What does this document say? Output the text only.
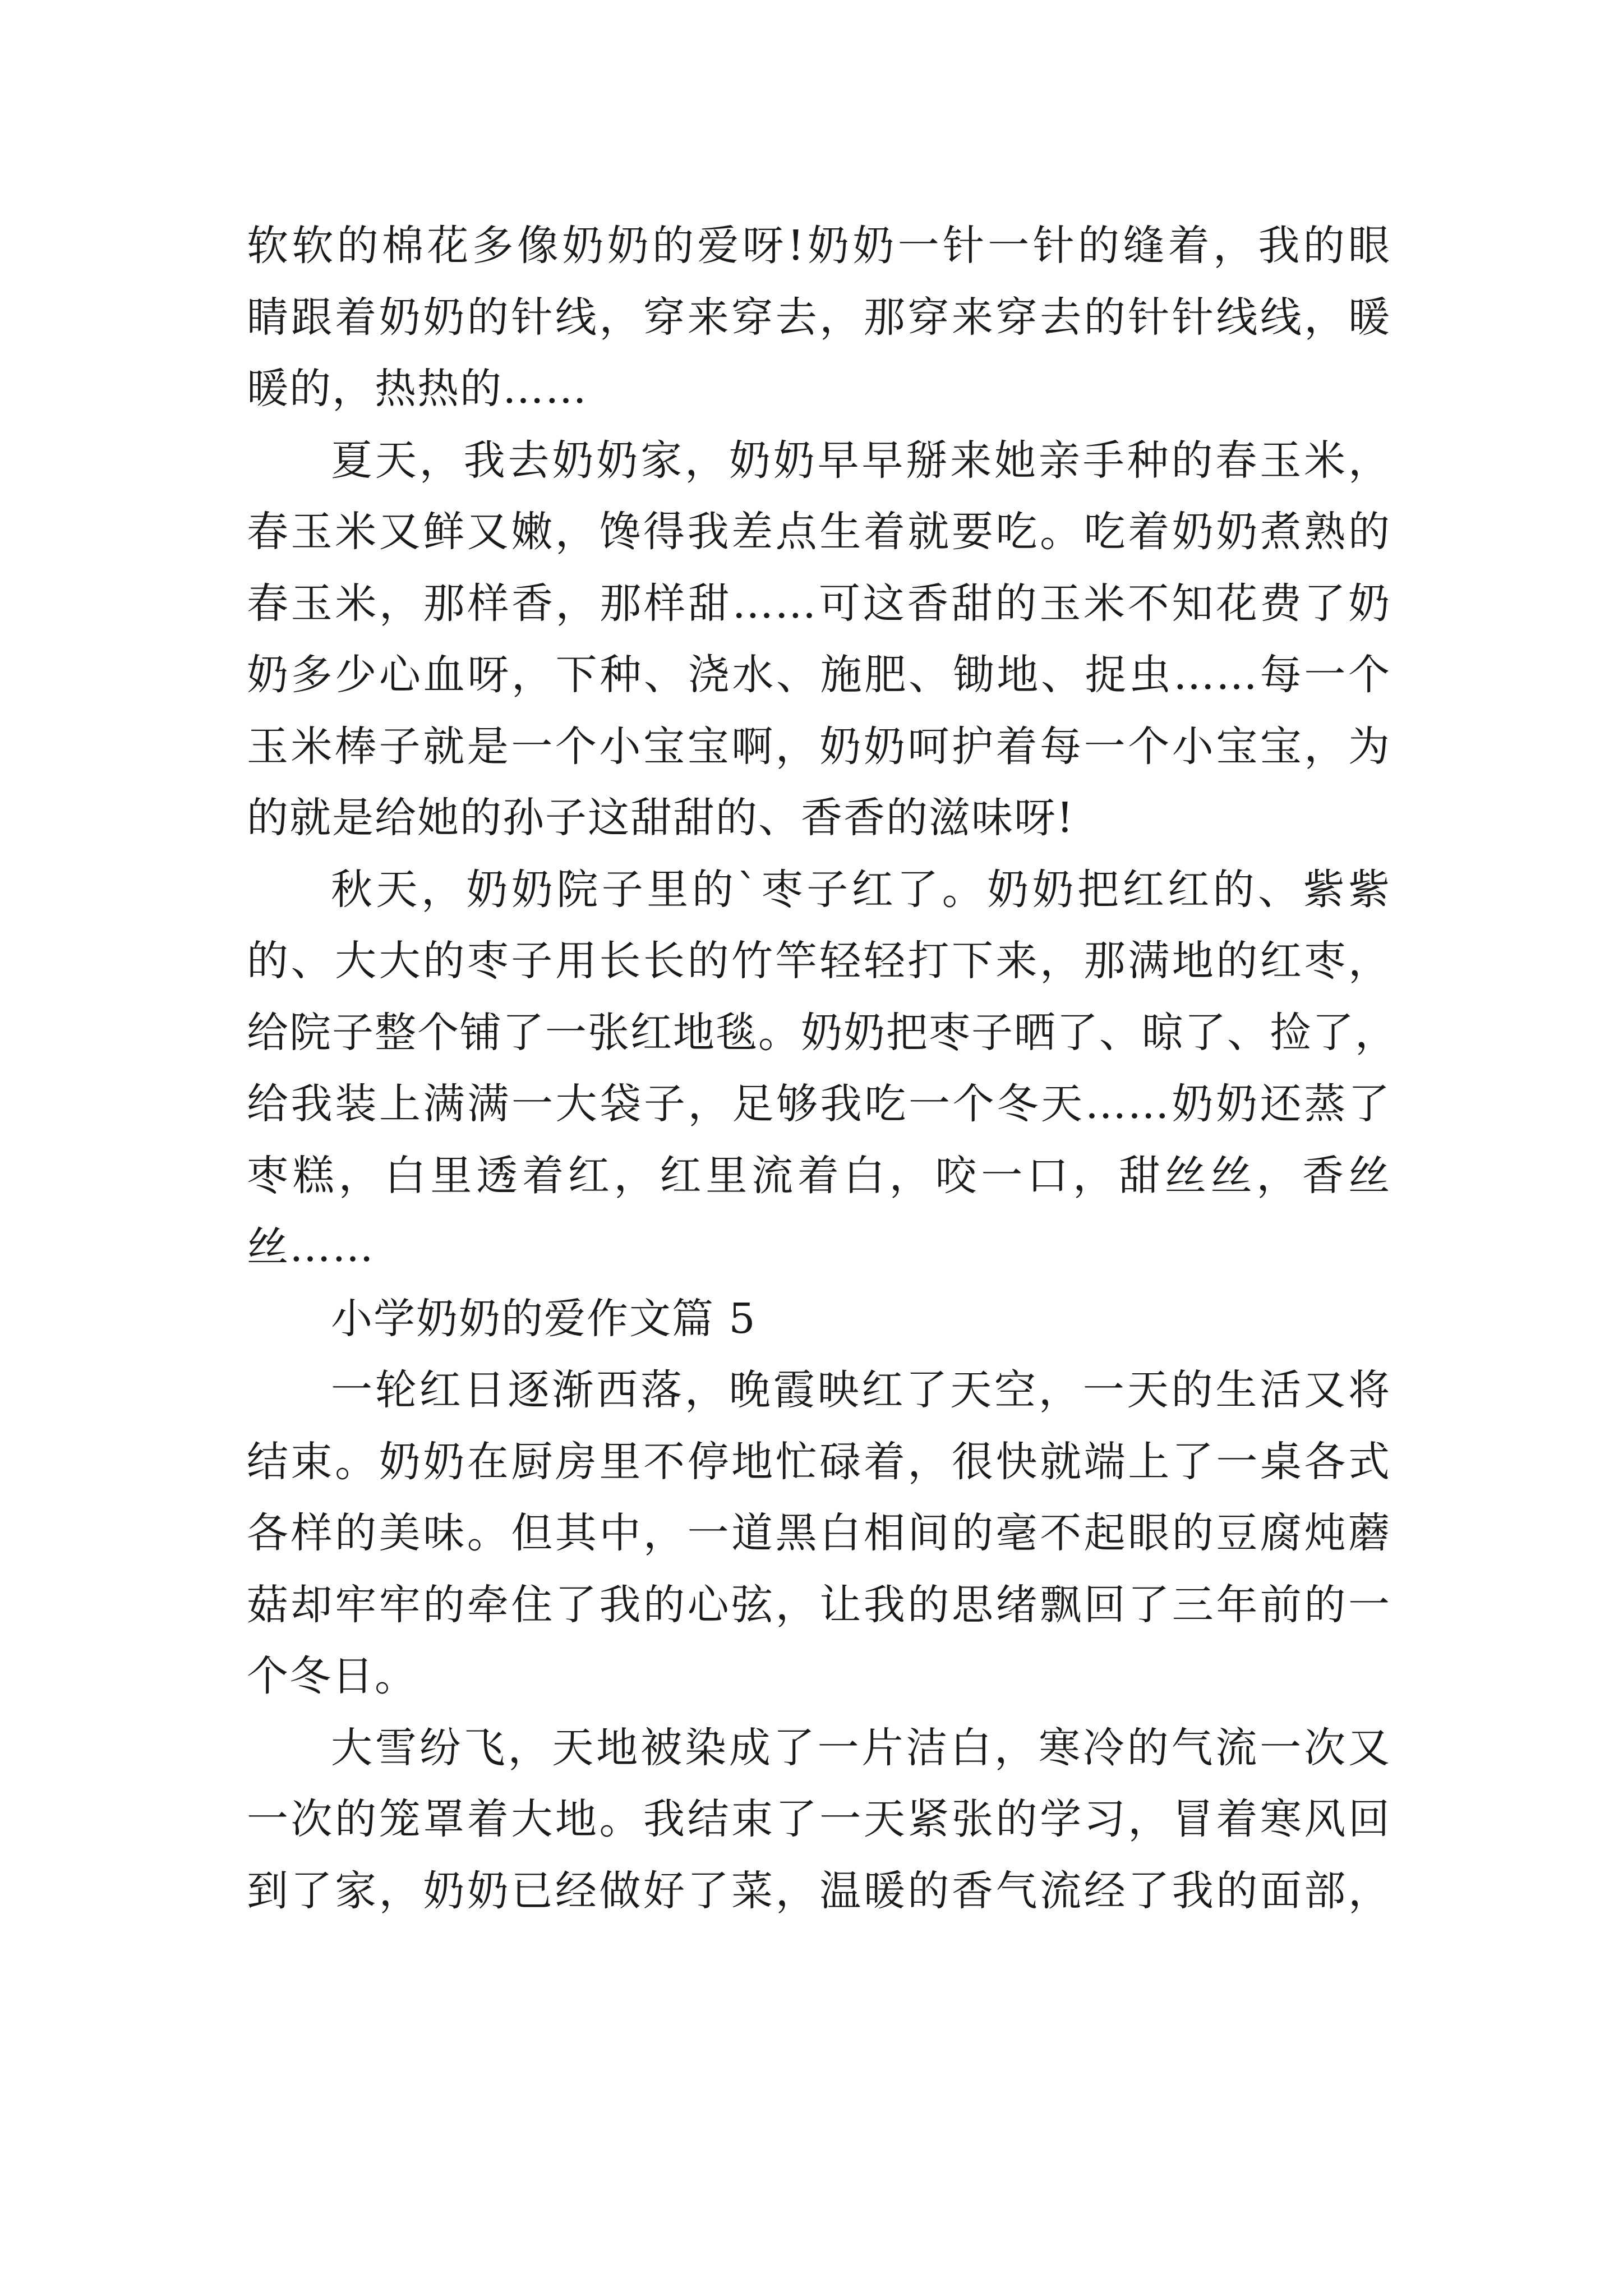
软软的棉花多像奶奶的爱呀!奶奶一针一针的缝着，我的眼
睛跟着奶奶的针线，穿来穿去，那穿来穿去的针针线线，暖
暖的，热热的……
夏天，我去奶奶家，奶奶早早掰来她亲手种的春玉米，
春玉米又鲜又嫩，馋得我差点生着就要吃。吃着奶奶煮熟的
春玉米，那样香，那样甜……可这香甜的玉米不知花费了奶
奶多少心血呀，下种、浇水、施肥、锄地、捉虫……每一个
玉米棒子就是一个小宝宝啊，奶奶呵护着每一个小宝宝，为
的就是给她的孙子这甜甜的、香香的滋味呀!
秋天，奶奶院子里的`枣子红了。奶奶把红红的、紫紫
的、大大的枣子用长长的竹竿轻轻打下来，那满地的红枣，
给院子整个铺了一张红地毯。奶奶把枣子晒了、晾了、捡了，
给我装上满满一大袋子，足够我吃一个冬天……奶奶还蒸了
枣糕，白里透着红，红里流着白，咬一口，甜丝丝，香丝
丝……
小学奶奶的爱作文篇 5
一轮红日逐渐西落，晚霞映红了天空，一天的生活又将
结束。奶奶在厨房里不停地忙碌着，很快就端上了一桌各式
各样的美味。但其中，一道黑白相间的毫不起眼的豆腐炖蘑
菇却牢牢的牵住了我的心弦，让我的思绪飘回了三年前的一
个冬日。
大雪纷飞，天地被染成了一片洁白，寒冷的气流一次又
一次的笼罩着大地。我结束了一天紧张的学习，冒着寒风回
到了家，奶奶已经做好了菜，温暖的香气流经了我的面部，
